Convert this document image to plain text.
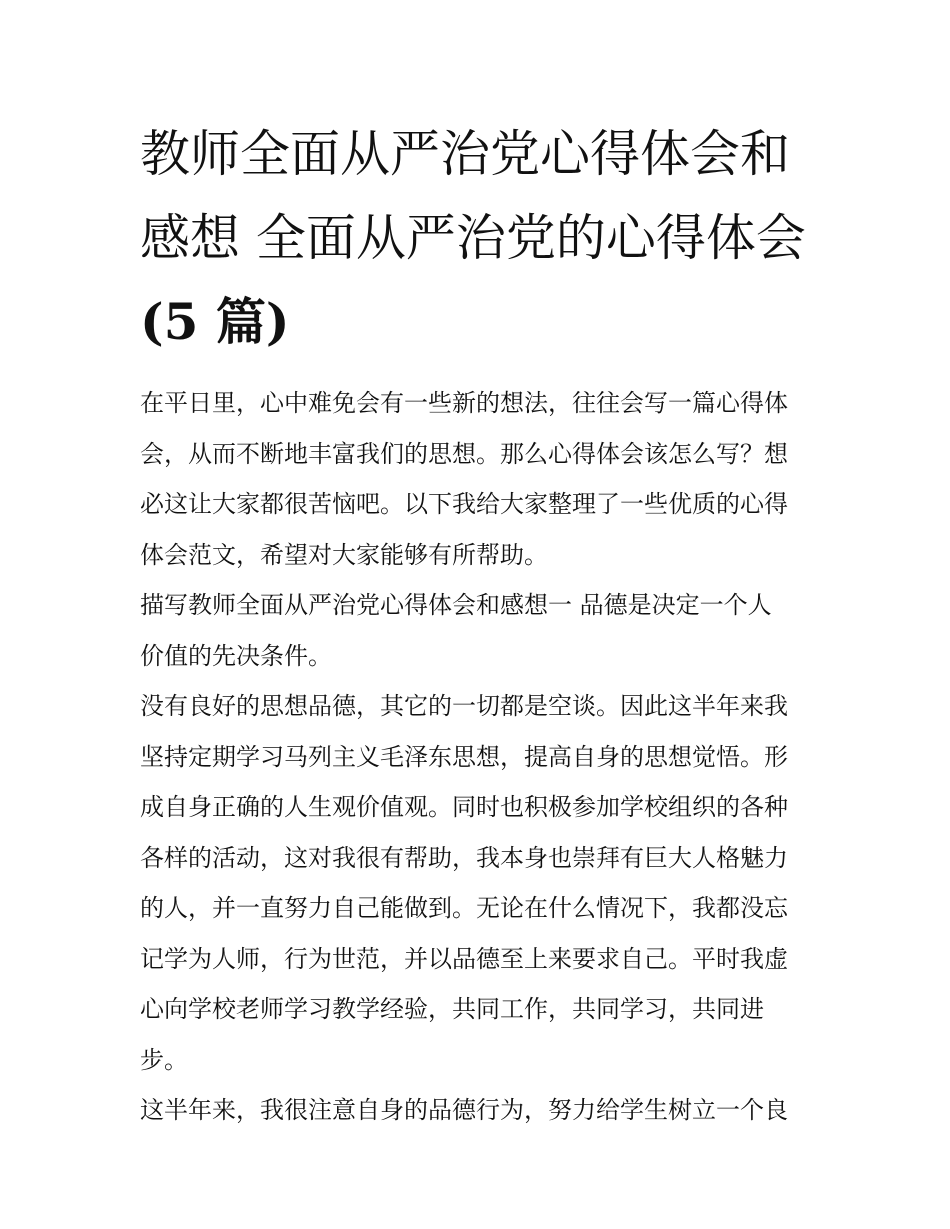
教师全面从严治党心得体会和
感想 全面从严治党的心得体会
(5 篇)

在平日里，心中难免会有一些新的想法，往往会写一篇心得体
会，从而不断地丰富我们的思想。那么心得体会该怎么写？想
必这让大家都很苦恼吧。以下我给大家整理了一些优质的心得
体会范文，希望对大家能够有所帮助。

描写教师全面从严治党心得体会和感想一 品德是决定一个人
价值的先决条件。

没有良好的思想品德，其它的一切都是空谈。因此这半年来我
坚持定期学习马列主义毛泽东思想，提高自身的思想觉悟。形
成自身正确的人生观价值观。同时也积极参加学校组织的各种
各样的活动，这对我很有帮助，我本身也崇拜有巨大人格魅力
的人，并一直努力自己能做到。无论在什么情况下，我都没忘
记学为人师，行为世范，并以品德至上来要求自己。平时我虚
心向学校老师学习教学经验，共同工作，共同学习，共同进
步。

这半年来，我很注意自身的品德行为，努力给学生树立一个良
